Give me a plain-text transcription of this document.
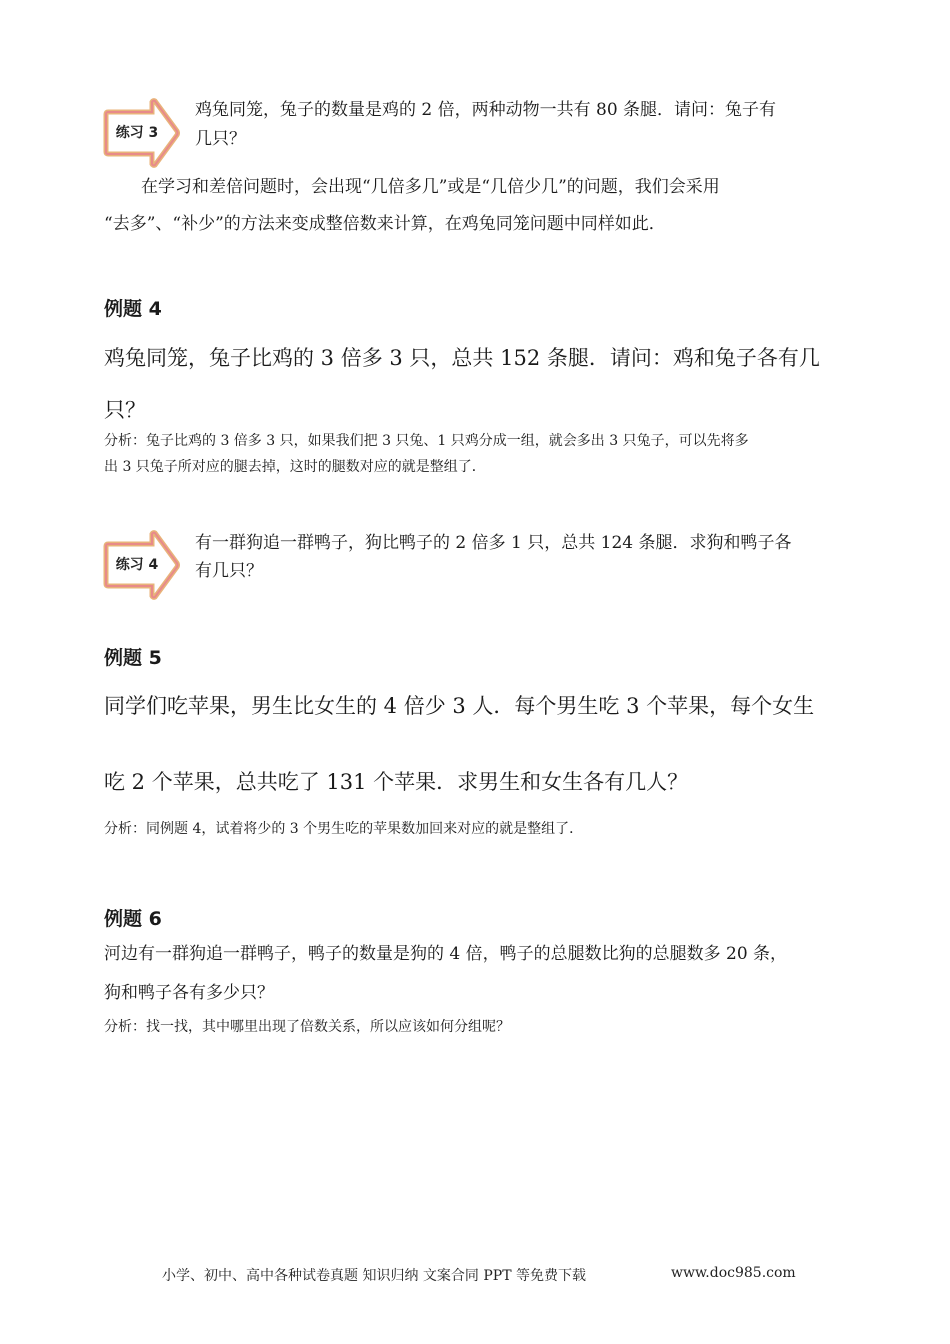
练习 3
鸡兔同笼，兔子的数量是鸡的 2 倍，两种动物一共有 80 条腿．请问：兔子有
几只？
在学习和差倍问题时，会出现“几倍多几”或是“几倍少几”的问题，我们会采用
“去多”、“补少”的方法来变成整倍数来计算，在鸡兔同笼问题中同样如此．
例题 4
鸡兔同笼，兔子比鸡的 3 倍多 3 只，总共 152 条腿．请问：鸡和兔子各有几
只？
分析：兔子比鸡的 3 倍多 3 只，如果我们把 3 只兔、1 只鸡分成一组，就会多出 3 只兔子，可以先将多
出 3 只兔子所对应的腿去掉，这时的腿数对应的就是整组了．
练习 4
有一群狗追一群鸭子，狗比鸭子的 2 倍多 1 只，总共 124 条腿．求狗和鸭子各
有几只？
例题 5
同学们吃苹果，男生比女生的 4 倍少 3 人．每个男生吃 3 个苹果，每个女生
吃 2 个苹果，总共吃了 131 个苹果．求男生和女生各有几人？
分析：同例题 4，试着将少的 3 个男生吃的苹果数加回来对应的就是整组了．
例题 6
河边有一群狗追一群鸭子，鸭子的数量是狗的 4 倍，鸭子的总腿数比狗的总腿数多 20 条，
狗和鸭子各有多少只？
分析：找一找，其中哪里出现了倍数关系，所以应该如何分组呢？
小学、初中、高中各种试卷真题 知识归纳 文案合同 PPT 等免费下载	www.doc985.com
